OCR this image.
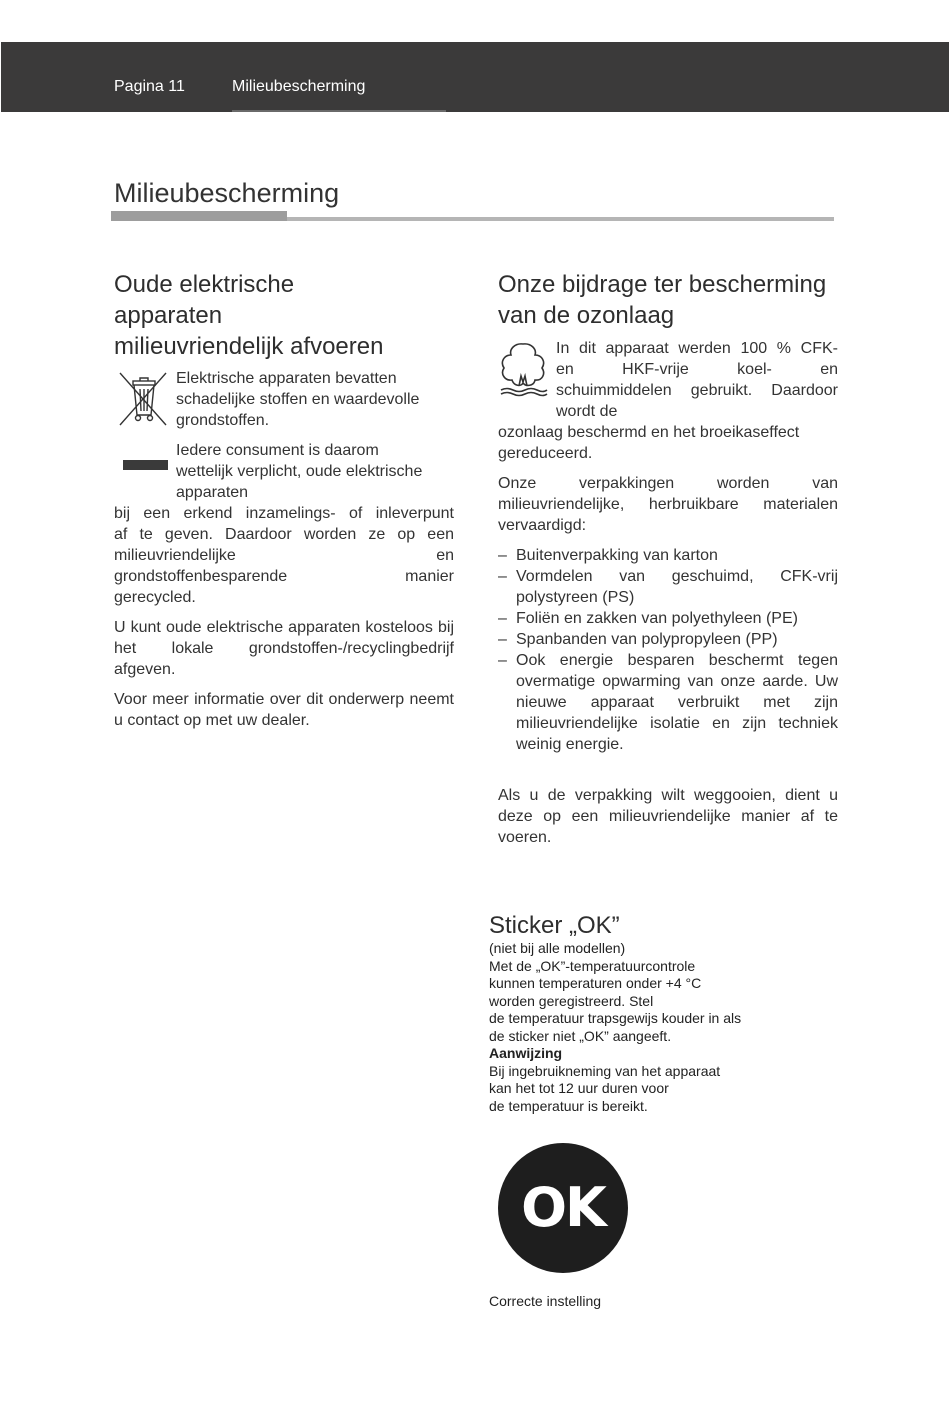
Pagina 11	Milieubescherming
Milieubescherming
Oude elektrische
apparaten
milieuvriendelijk afvoeren
Elektrische apparaten bevatten
schadelijke stoffen en waardevolle
grondstoffen.
Iedere consument is daarom
wettelijk verplicht, oude elektrische
apparaten
bij een erkend inzamelings- of inleverpunt
af te geven. Daardoor worden ze op een
milieuvriendelijke en
grondstoffenbesparende manier
gerecycled.
U kunt oude elektrische apparaten kosteloos bij het lokale grondstoffen-/recyclingbedrijf afgeven.
Voor meer informatie over dit onderwerp neemt u contact op met uw dealer.
Onze bijdrage ter bescherming
van de ozonlaag
In dit apparaat werden 100 % CFK-
en HKF-vrije koel- en
schuimmiddelen gebruikt. Daardoor
wordt de
ozonlaag beschermd en het broeikaseffect
gereduceerd.
Onze verpakkingen worden van milieuvriendelijke, herbruikbare materialen vervaardigd:
– Buitenverpakking van karton
– Vormdelen van geschuimd, CFK-vrij polystyreen (PS)
– Foliën en zakken van polyethyleen (PE)
– Spanbanden van polypropyleen (PP)
– Ook energie besparen beschermt tegen overmatige opwarming van onze aarde. Uw nieuwe apparaat verbruikt met zijn milieuvriendelijke isolatie en zijn techniek weinig energie.
Als u de verpakking wilt weggooien, dient u deze op een milieuvriendelijke manier af te voeren.
Sticker „OK”
(niet bij alle modellen)
Met de „OK”-temperatuurcontrole
kunnen temperaturen onder +4 °C
worden geregistreerd. Stel
de temperatuur trapsgewijs kouder in als
de sticker niet „OK” aangeeft.
Aanwijzing
Bij ingebruikneming van het apparaat
kan het tot 12 uur duren voor
de temperatuur is bereikt.
OK
Correcte instelling
